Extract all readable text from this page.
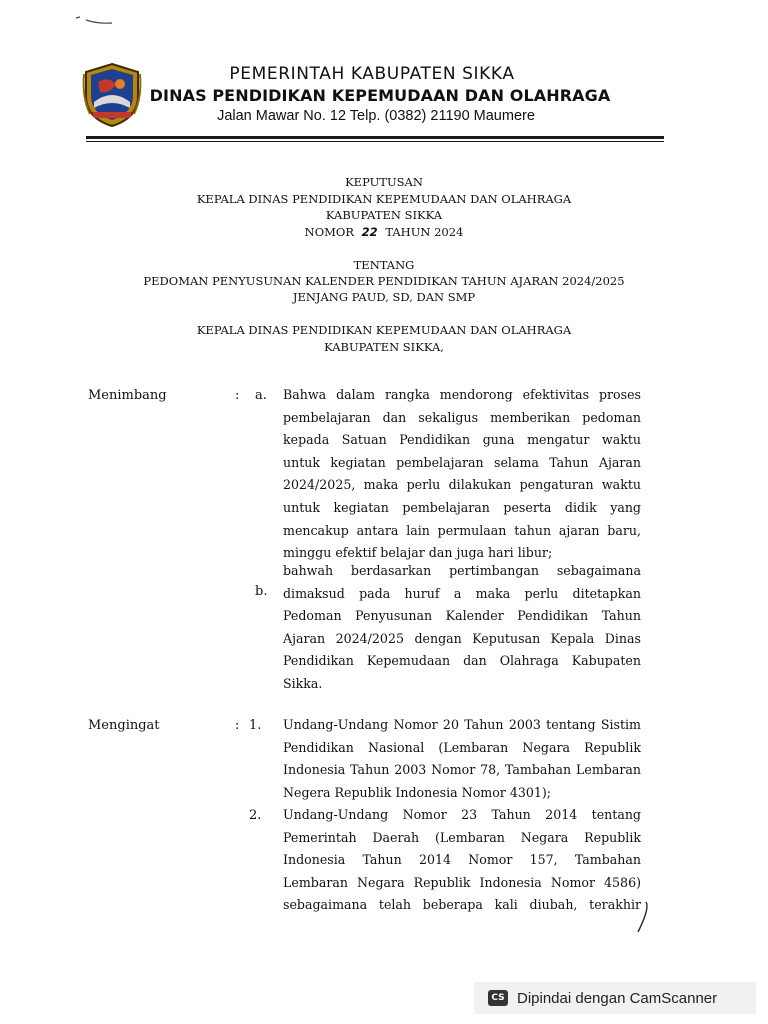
PEMERINTAH KABUPATEN SIKKA
DINAS PENDIDIKAN KEPEMUDAAN DAN OLAHRAGA
Jalan Mawar No. 12 Telp. (0382) 21190 Maumere
KEPUTUSAN
KEPALA DINAS PENDIDIKAN KEPEMUDAAN DAN OLAHRAGA
KABUPATEN SIKKA
NOMOR 22 TAHUN 2024
TENTANG
PEDOMAN PENYUSUNAN KALENDER PENDIDIKAN TAHUN AJARAN 2024/2025
JENJANG PAUD, SD, DAN SMP
KEPALA DINAS PENDIDIKAN KEPEMUDAAN DAN OLAHRAGA
KABUPATEN SIKKA,
Menimbang	: a. Bahwa dalam rangka mendorong efektivitas proses
pembelajaran dan sekaligus memberikan pedoman
kepada Satuan Pendidikan guna mengatur waktu
untuk kegiatan pembelajaran selama Tahun Ajaran
2024/2025, maka perlu dilakukan pengaturan waktu
untuk kegiatan pembelajaran peserta didik yang
mencakup antara lain permulaan tahun ajaran baru,
minggu efektif belajar dan juga hari libur;
b.
bahwah berdasarkan pertimbangan sebagaimana
dimaksud pada huruf a maka perlu ditetapkan
Pedoman Penyusunan Kalender Pendidikan Tahun
Ajaran 2024/2025 dengan Keputusan Kepala Dinas
Pendidikan Kepemudaan dan Olahraga Kabupaten
Sikka.
Mengingat	: 1. Undang-Undang Nomor 20 Tahun 2003 tentang Sistim
Pendidikan Nasional (Lembaran Negara Republik
Indonesia Tahun 2003 Nomor 78, Tambahan Lembaran
Negera Republik Indonesia Nomor 4301);
2. Undang-Undang Nomor 23 Tahun 2014 tentang
Pemerintah Daerah (Lembaran Negara Republik
Indonesia Tahun 2014 Nomor 157, Tambahan
Lembaran Negara Republik Indonesia Nomor 4586)
sebagaimana telah beberapa kali diubah, terakhir
CS Dipindai dengan CamScanner
